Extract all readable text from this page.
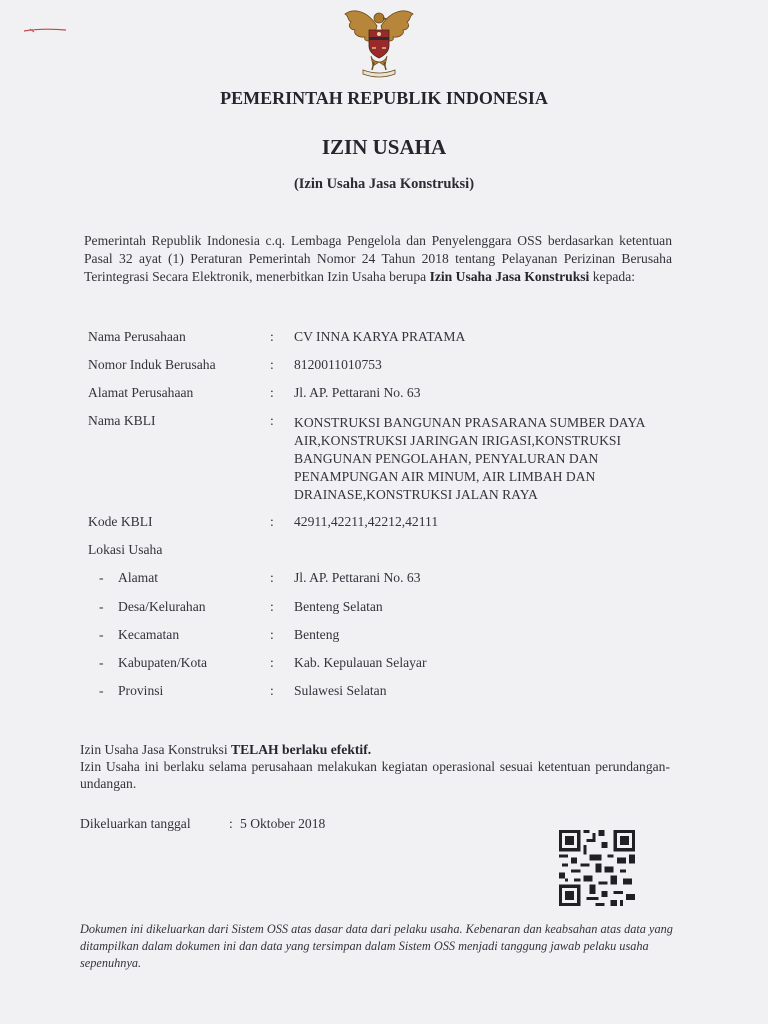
PEMERINTAH REPUBLIK INDONESIA
IZIN USAHA
(Izin Usaha Jasa Konstruksi)
Pemerintah Republik Indonesia c.q. Lembaga Pengelola dan Penyelenggara OSS berdasarkan ketentuan Pasal 32 ayat (1) Peraturan Pemerintah Nomor 24 Tahun 2018 tentang Pelayanan Perizinan Berusaha Terintegrasi Secara Elektronik, menerbitkan Izin Usaha berupa Izin Usaha Jasa Konstruksi kepada:
Nama Perusahaan	: CV INNA KARYA PRATAMA
Nomor Induk Berusaha	: 8120011010753
Alamat Perusahaan	: Jl. AP. Pettarani No. 63
Nama KBLI	: KONSTRUKSI BANGUNAN PRASARANA SUMBER DAYA AIR,KONSTRUKSI JARINGAN IRIGASI,KONSTRUKSI BANGUNAN PENGOLAHAN, PENYALURAN DAN PENAMPUNGAN AIR MINUM, AIR LIMBAH DAN DRAINASE,KONSTRUKSI JALAN RAYA
Kode KBLI	: 42911,42211,42212,42111
Lokasi Usaha
- Alamat	: Jl. AP. Pettarani No. 63
- Desa/Kelurahan	: Benteng Selatan
- Kecamatan	: Benteng
- Kabupaten/Kota	: Kab. Kepulauan Selayar
- Provinsi	: Sulawesi Selatan
Izin Usaha Jasa Konstruksi TELAH berlaku efektif.
Izin Usaha ini berlaku selama perusahaan melakukan kegiatan operasional sesuai ketentuan perundangan-undangan.
Dikeluarkan tanggal	: 5 Oktober 2018
Dokumen ini dikeluarkan dari Sistem OSS atas dasar data dari pelaku usaha. Kebenaran dan keabsahan atas data yang ditampilkan dalam dokumen ini dan data yang tersimpan dalam Sistem OSS menjadi tanggung jawab pelaku usaha sepenuhnya.
